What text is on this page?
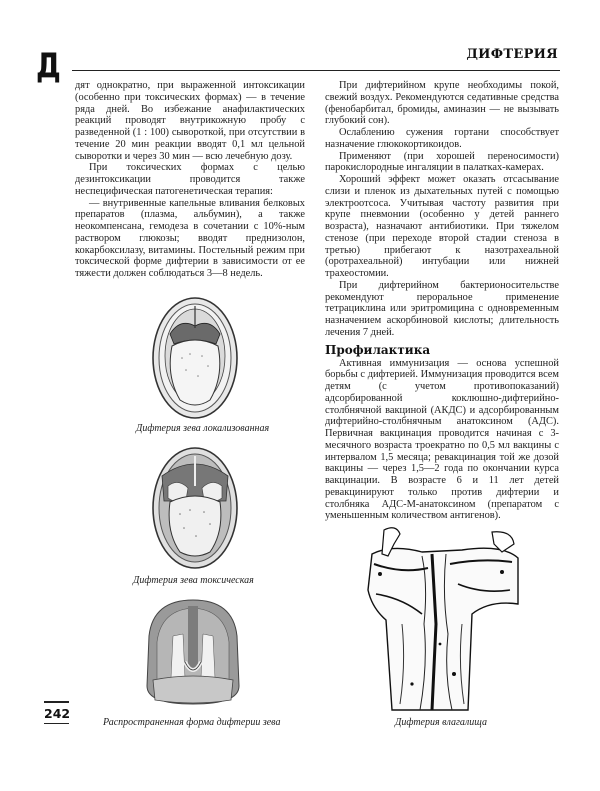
Д	ДИФТЕРИЯ

дят однократно, при выраженной интоксикации (особенно при токсических формах) — в течение ряда дней. Во избежание анафилактических реакций проводят внутрикожную пробу с разведенной (1 : 100) сывороткой, при отсутствии в течение 20 мин реакции вводят 0,1 мл цельной сыворотки и через 30 мин — всю лечебную дозу.

При токсических формах с целью дезинтоксикации проводится также неспецифическая патогенетическая терапия:

— внутривенные капельные вливания белковых препаратов (плазма, альбумин), а также неокомпенсана, гемодеза в сочетании с 10%-ным раствором глюкозы; вводят преднизолон, кокарбоксилазу, витамины. Постельный режим при токсической форме дифтерии в зависимости от ее тяжести должен соблюдаться 3—8 недель.

При дифтерийном крупе необходимы покой, свежий воздух. Рекомендуются седативные средства (фенобарбитал, бромиды, аминазин — не вызывать глубокий сон).

Ослаблению сужения гортани способствует назначение глюкокортикоидов.

Применяют (при хорошей переносимости) парокислородные ингаляции в палатках-камерах.

Хороший эффект может оказать отсасывание слизи и пленок из дыхательных путей с помощью электроотсоса. Учитывая частоту развития при крупе пневмонии (особенно у детей раннего возраста), назначают антибиотики. При тяжелом стенозе (при переходе второй стадии стеноза в третью) прибегают к назотрахеальной (оротрахеальной) интубации или нижней трахеостомии.

При дифтерийном бактерионосительстве рекомендуют пероральное применение тетрациклина или эритромицина с одновременным назначением аскорбиновой кислоты; длительность лечения 7 дней.

Профилактика

Активная иммунизация — основа успешной борьбы с дифтерией. Иммунизация проводится всем детям (с учетом противопоказаний) адсорбированной коклюшно-дифтерийно-столбнячной вакциной (АКДС) и адсорбированным дифтерийно-столбнячным анатоксином (АДС). Первичная вакцинация проводится начиная с 3-месячного возраста троекратно по 0,5 мл вакцины с интервалом 1,5 месяца; ревакцинация той же дозой вакцины — через 1,5—2 года по окончании курса вакцинации. В возрасте 6 и 11 лет детей ревакцинируют только против дифтерии и столбняка АДС-М-анатоксином (препаратом с уменьшенным количеством антигенов).

Дифтерия зева локализованная
Дифтерия зева токсическая
Распространенная форма дифтерии зева	Дифтерия влагалища
242
